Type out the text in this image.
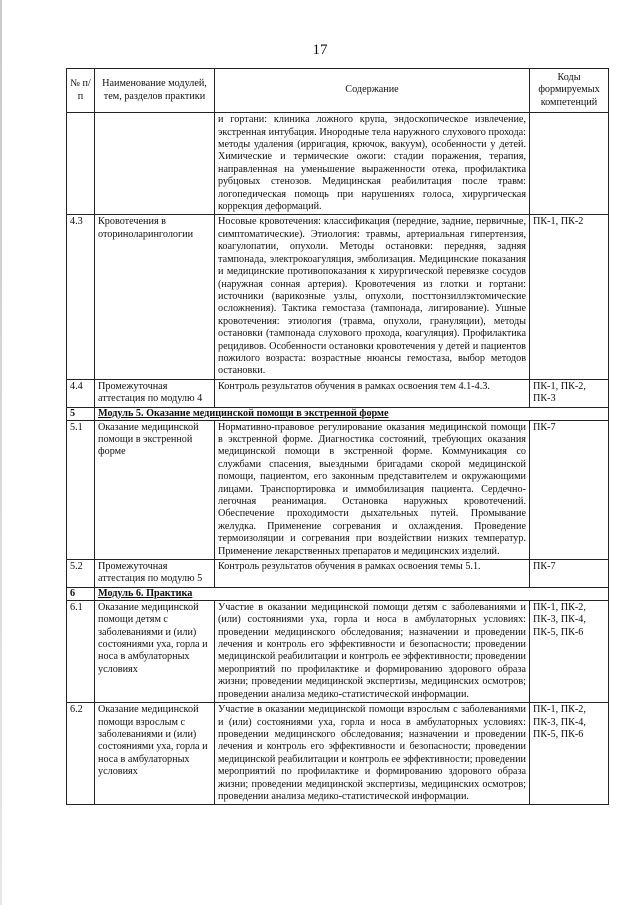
17
№ п/п	Наименование модулей, тем, разделов практики	Содержание	Коды формируемых компетенций
		и гортани: клиника ложного крупа, эндоскопическое извлечение, экстренная интубация. Инородные тела наружного слухового прохода: методы удаления (ирригация, крючок, вакуум), особенности у детей. Химические и термические ожоги: стадии поражения, терапия, направленная на уменьшение выраженности отека, профилактика рубцовых стенозов. Медицинская реабилитация после травм: логопедическая помощь при нарушениях голоса, хирургическая коррекция деформаций.	
4.3	Кровотечения в оториноларингологии	Носовые кровотечения: классификация (передние, задние, первичные, симптоматические). Этиология: травмы, артериальная гипертензия, коагулопатии, опухоли. Методы остановки: передняя, задняя тампонада, электрокоагуляция, эмболизация. Медицинские показания и медицинские противопоказания к хирургической перевязке сосудов (наружная сонная артерия). Кровотечения из глотки и гортани: источники (варикозные узлы, опухоли, посттонзиллэктомические осложнения). Тактика гемостаза (тампонада, лигирование). Ушные кровотечения: этиология (травма, опухоли, грануляции), методы остановки (тампонада слухового прохода, коагуляция). Профилактика рецидивов. Особенности остановки кровотечения у детей и пациентов пожилого возраста: возрастные нюансы гемостаза, выбор методов остановки.	ПК-1, ПК-2
4.4	Промежуточная аттестация по модулю 4	Контроль результатов обучения в рамках освоения тем 4.1-4.3.	ПК-1, ПК-2, ПК-3
5	Модуль 5. Оказание медицинской помощи в экстренной форме		
5.1	Оказание медицинской помощи в экстренной форме	Нормативно-правовое регулирование оказания медицинской помощи в экстренной форме. Диагностика состояний, требующих оказания медицинской помощи в экстренной форме. Коммуникация со службами спасения, выездными бригадами скорой медицинской помощи, пациентом, его законным представителем и окружающими лицами. Транспортировка и иммобилизация пациента. Сердечно-легочная реанимация. Остановка наружных кровотечений. Обеспечение проходимости дыхательных путей. Промывание желудка. Применение согревания и охлаждения. Проведение термоизоляции и согревания при воздействии низких температур. Применение лекарственных препаратов и медицинских изделий.	ПК-7
5.2	Промежуточная аттестация по модулю 5	Контроль результатов обучения в рамках освоения темы 5.1.	ПК-7
6	Модуль 6. Практика		
6.1	Оказание медицинской помощи детям с заболеваниями и (или) состояниями уха, горла и носа в амбулаторных условиях	Участие в оказании медицинской помощи детям с заболеваниями и (или) состояниями уха, горла и носа в амбулаторных условиях: проведении медицинского обследования; назначении и проведении лечения и контроль его эффективности и безопасности; проведении медицинской реабилитации и контроль ее эффективности; проведении мероприятий по профилактике и формированию здорового образа жизни; проведении медицинской экспертизы, медицинских осмотров; проведении анализа медико-статистической информации.	ПК-1, ПК-2, ПК-3, ПК-4, ПК-5, ПК-6
6.2	Оказание медицинской помощи взрослым с заболеваниями и (или) состояниями уха, горла и носа в амбулаторных условиях	Участие в оказании медицинской помощи взрослым с заболеваниями и (или) состояниями уха, горла и носа в амбулаторных условиях: проведении медицинского обследования; назначении и проведении лечения и контроль его эффективности и безопасности; проведении медицинской реабилитации и контроль ее эффективности; проведении мероприятий по профилактике и формированию здорового образа жизни; проведении медицинской экспертизы, медицинских осмотров; проведении анализа медико-статистической информации.	ПК-1, ПК-2, ПК-3, ПК-4, ПК-5, ПК-6
